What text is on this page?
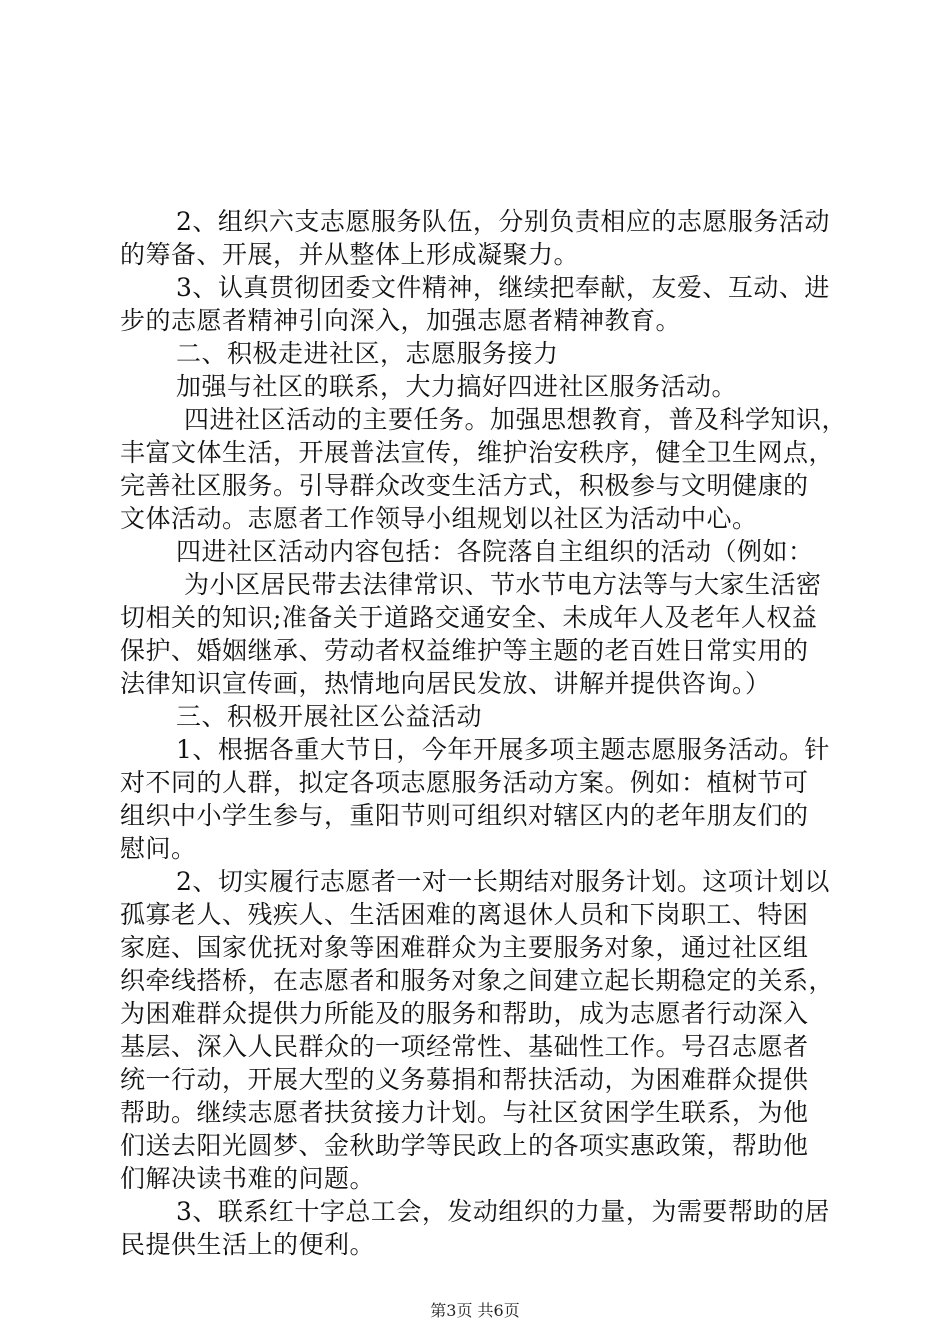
2、组织六支志愿服务队伍，分别负责相应的志愿服务活动
的筹备、开展，并从整体上形成凝聚力。
3、认真贯彻团委文件精神，继续把奉献，友爱、互动、进
步的志愿者精神引向深入，加强志愿者精神教育。
二、积极走进社区，志愿服务接力
加强与社区的联系，大力搞好四进社区服务活动。
四进社区活动的主要任务。加强思想教育，普及科学知识，
丰富文体生活，开展普法宣传，维护治安秩序，健全卫生网点，
完善社区服务。引导群众改变生活方式，积极参与文明健康的
文体活动。志愿者工作领导小组规划以社区为活动中心。
四进社区活动内容包括：各院落自主组织的活动（例如：
为小区居民带去法律常识、节水节电方法等与大家生活密
切相关的知识;准备关于道路交通安全、未成年人及老年人权益
保护、婚姻继承、劳动者权益维护等主题的老百姓日常实用的
法律知识宣传画，热情地向居民发放、讲解并提供咨询。）
三、积极开展社区公益活动
1、根据各重大节日，今年开展多项主题志愿服务活动。针
对不同的人群，拟定各项志愿服务活动方案。例如：植树节可
组织中小学生参与，重阳节则可组织对辖区内的老年朋友们的
慰问。
2、切实履行志愿者一对一长期结对服务计划。这项计划以
孤寡老人、残疾人、生活困难的离退休人员和下岗职工、特困
家庭、国家优抚对象等困难群众为主要服务对象，通过社区组
织牵线搭桥，在志愿者和服务对象之间建立起长期稳定的关系，
为困难群众提供力所能及的服务和帮助，成为志愿者行动深入
基层、深入人民群众的一项经常性、基础性工作。号召志愿者
统一行动，开展大型的义务募捐和帮扶活动，为困难群众提供
帮助。继续志愿者扶贫接力计划。与社区贫困学生联系，为他
们送去阳光圆梦、金秋助学等民政上的各项实惠政策，帮助他
们解决读书难的问题。
3、联系红十字总工会，发动组织的力量，为需要帮助的居
民提供生活上的便利。
第3页 共6页
